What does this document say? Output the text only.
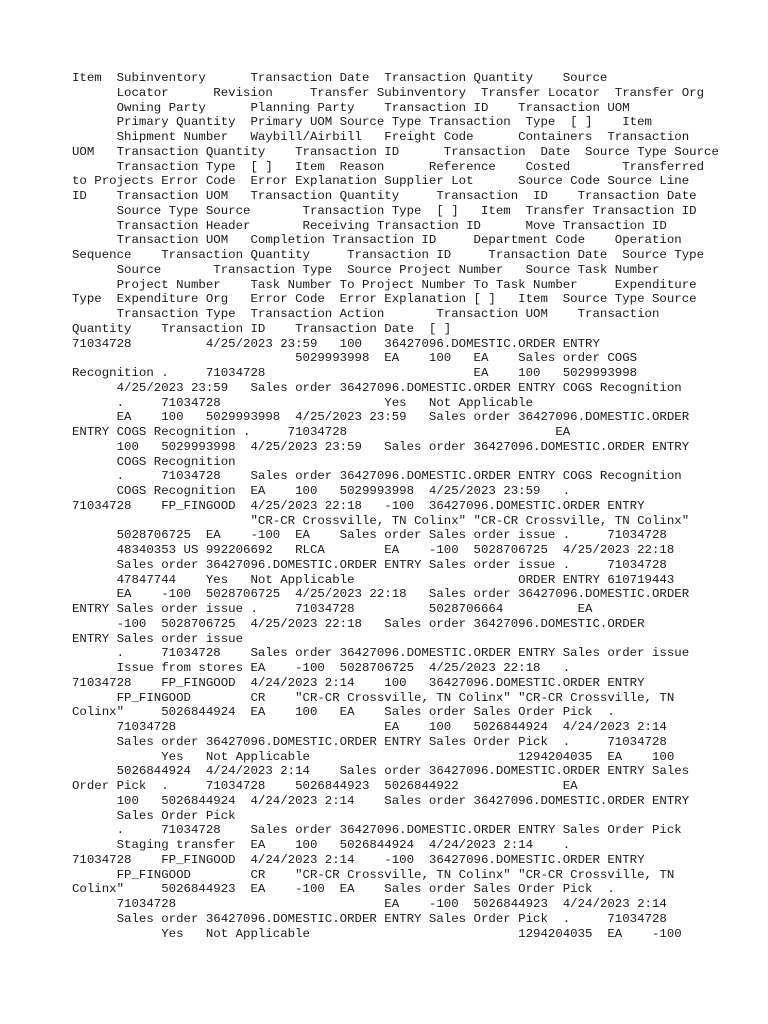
Item  Subinventory      Transaction Date  Transaction Quantity    Source
Locator      Revision     Transfer Subinventory  Transfer Locator  Transfer Org
Owning Party      Planning Party    Transaction ID    Transaction UOM
Primary Quantity  Primary UOM Source Type Transaction  Type  [ ]    Item
Shipment Number   Waybill/Airbill   Freight Code      Containers  Transaction
UOM   Transaction Quantity    Transaction ID      Transaction  Date  Source Type Source
Transaction Type  [ ]   Item  Reason      Reference    Costed       Transferred
to Projects Error Code  Error Explanation Supplier Lot      Source Code Source Line
ID    Transaction UOM   Transaction Quantity     Transaction  ID    Transaction Date
Source Type Source       Transaction Type  [ ]   Item  Transfer Transaction ID
Transaction Header       Receiving Transaction ID      Move Transaction ID
Transaction UOM   Completion Transaction ID     Department Code    Operation
Sequence    Transaction Quantity     Transaction ID     Transaction Date  Source Type
Source       Transaction Type  Source Project Number   Source Task Number
Project Number    Task Number To Project Number To Task Number     Expenditure
Type  Expenditure Org   Error Code  Error Explanation [ ]   Item  Source Type Source
Transaction Type  Transaction Action       Transaction UOM    Transaction
Quantity    Transaction ID    Transaction Date  [ ]
71034728          4/25/2023 23:59   100   36427096.DOMESTIC.ORDER ENTRY
5029993998  EA    100   EA    Sales order COGS
Recognition .     71034728                            EA    100   5029993998
4/25/2023 23:59   Sales order 36427096.DOMESTIC.ORDER ENTRY COGS Recognition
.     71034728                      Yes   Not Applicable
EA    100   5029993998  4/25/2023 23:59   Sales order 36427096.DOMESTIC.ORDER
ENTRY COGS Recognition .     71034728                            EA
100   5029993998  4/25/2023 23:59   Sales order 36427096.DOMESTIC.ORDER ENTRY
COGS Recognition
.     71034728    Sales order 36427096.DOMESTIC.ORDER ENTRY COGS Recognition
COGS Recognition  EA    100   5029993998  4/25/2023 23:59   .
71034728    FP_FINGOOD  4/25/2023 22:18   -100  36427096.DOMESTIC.ORDER ENTRY
"CR-CR Crossville, TN Colinx" "CR-CR Crossville, TN Colinx"
5028706725  EA    -100  EA    Sales order Sales order issue .     71034728
48340353 US 992206692   RLCA        EA    -100  5028706725  4/25/2023 22:18
Sales order 36427096.DOMESTIC.ORDER ENTRY Sales order issue .     71034728
47847744    Yes   Not Applicable                      ORDER ENTRY 610719443
EA    -100  5028706725  4/25/2023 22:18   Sales order 36427096.DOMESTIC.ORDER
ENTRY Sales order issue .     71034728          5028706664          EA
-100  5028706725  4/25/2023 22:18   Sales order 36427096.DOMESTIC.ORDER
ENTRY Sales order issue
.     71034728    Sales order 36427096.DOMESTIC.ORDER ENTRY Sales order issue
Issue from stores EA    -100  5028706725  4/25/2023 22:18   .
71034728    FP_FINGOOD  4/24/2023 2:14    100   36427096.DOMESTIC.ORDER ENTRY
FP_FINGOOD        CR    "CR-CR Crossville, TN Colinx" "CR-CR Crossville, TN
Colinx"     5026844924  EA    100   EA    Sales order Sales Order Pick  .
71034728                            EA    100   5026844924  4/24/2023 2:14
Sales order 36427096.DOMESTIC.ORDER ENTRY Sales Order Pick  .     71034728
Yes   Not Applicable                            1294204035  EA    100
5026844924  4/24/2023 2:14    Sales order 36427096.DOMESTIC.ORDER ENTRY Sales
Order Pick  .     71034728    5026844923  5026844922              EA
100   5026844924  4/24/2023 2:14    Sales order 36427096.DOMESTIC.ORDER ENTRY
Sales Order Pick
.     71034728    Sales order 36427096.DOMESTIC.ORDER ENTRY Sales Order Pick
Staging transfer  EA    100   5026844924  4/24/2023 2:14    .
71034728    FP_FINGOOD  4/24/2023 2:14    -100  36427096.DOMESTIC.ORDER ENTRY
FP_FINGOOD        CR    "CR-CR Crossville, TN Colinx" "CR-CR Crossville, TN
Colinx"     5026844923  EA    -100  EA    Sales order Sales Order Pick  .
71034728                            EA    -100  5026844923  4/24/2023 2:14
Sales order 36427096.DOMESTIC.ORDER ENTRY Sales Order Pick  .     71034728
Yes   Not Applicable                            1294204035  EA    -100
